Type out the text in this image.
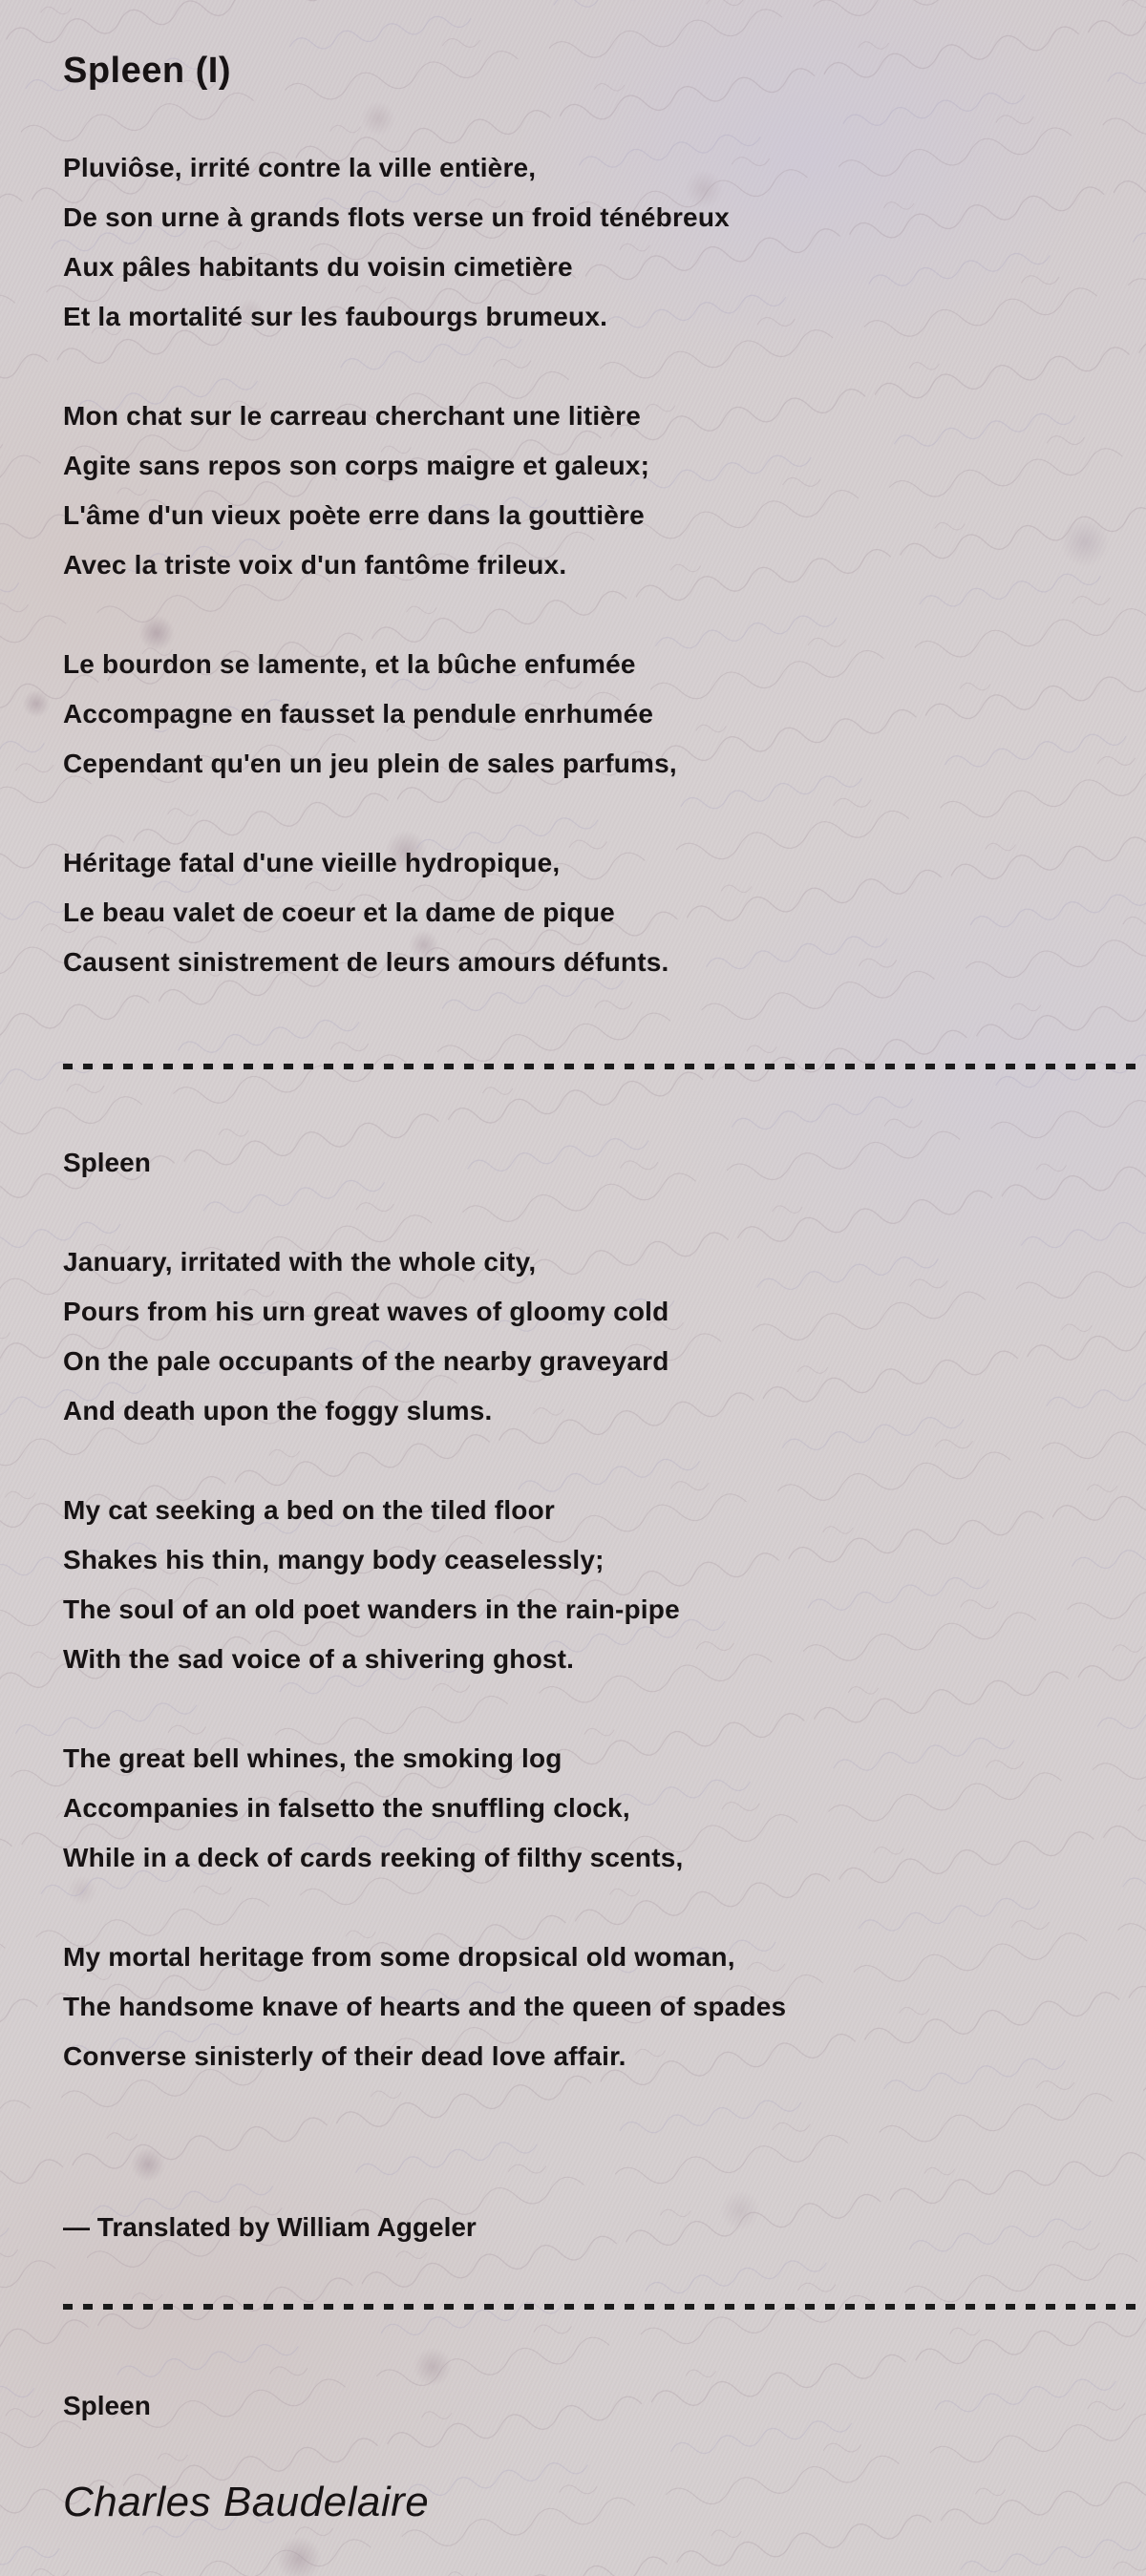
Spleen (I)

Pluviôse, irrité contre la ville entière,

De son urne à grands flots verse un froid ténébreux

Aux pâles habitants du voisin cimetière

Et la mortalité sur les faubourgs brumeux.

Mon chat sur le carreau cherchant une litière

Agite sans repos son corps maigre et galeux;

L'âme d'un vieux poète erre dans la gouttière

Avec la triste voix d'un fantôme frileux.

Le bourdon se lamente, et la bûche enfumée

Accompagne en fausset la pendule enrhumée

Cependant qu'en un jeu plein de sales parfums,

Héritage fatal d'une vieille hydropique,

Le beau valet de coeur et la dame de pique

Causent sinistrement de leurs amours défunts.

Spleen

January, irritated with the whole city,

Pours from his urn great waves of gloomy cold

On the pale occupants of the nearby graveyard

And death upon the foggy slums.

My cat seeking a bed on the tiled floor

Shakes his thin, mangy body ceaselessly;

The soul of an old poet wanders in the rain-pipe

With the sad voice of a shivering ghost.

The great bell whines, the smoking log

Accompanies in falsetto the snuffling clock,

While in a deck of cards reeking of filthy scents,

My mortal heritage from some dropsical old woman,

The handsome knave of hearts and the queen of spades

Converse sinisterly of their dead love affair.

— Translated by William Aggeler

Spleen

Charles Baudelaire
